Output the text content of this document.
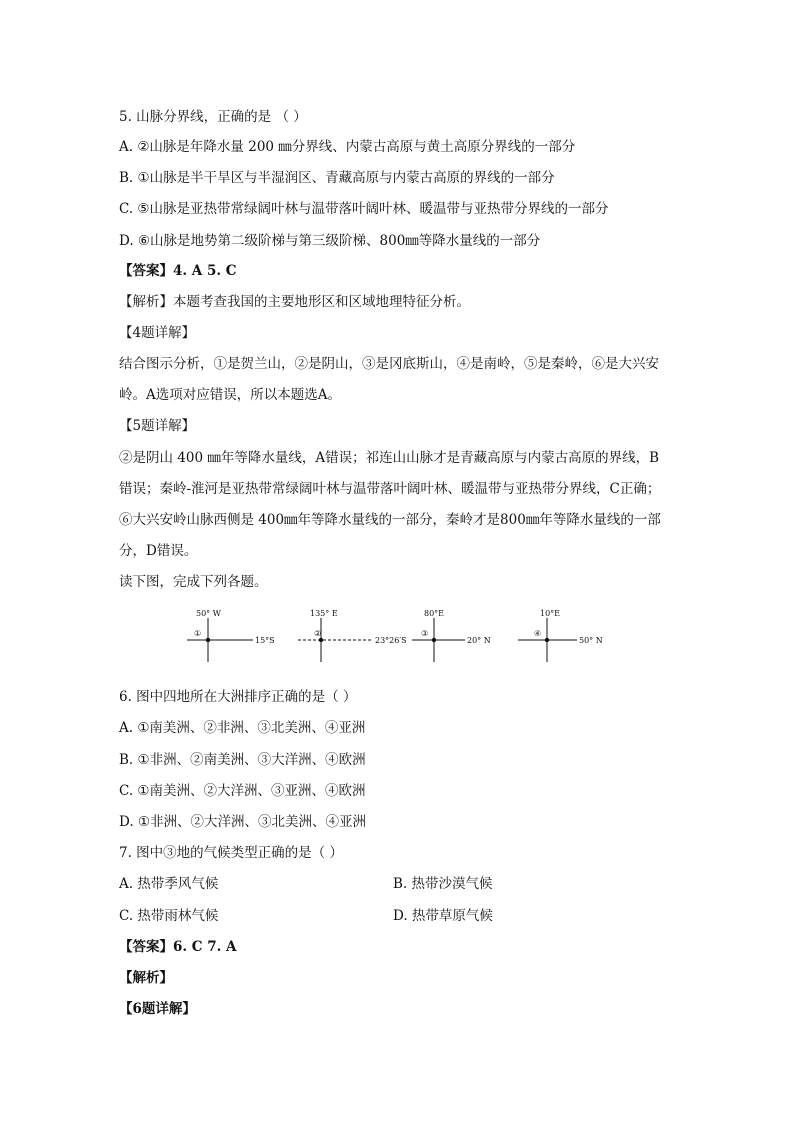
5. 山脉分界线，正确的是 （ ）
A. ②山脉是年降水量 200 ㎜分界线、内蒙古高原与黄土高原分界线的一部分
B. ①山脉是半干旱区与半湿润区、青藏高原与内蒙古高原的界线的一部分
C. ⑤山脉是亚热带常绿阔叶林与温带落叶阔叶林、暖温带与亚热带分界线的一部分
D. ⑥山脉是地势第二级阶梯与第三级阶梯、800㎜等降水量线的一部分
【答案】4. A 5. C
【解析】本题考查我国的主要地形区和区域地理特征分析。
【4题详解】
结合图示分析，①是贺兰山，②是阴山，③是冈底斯山，④是南岭，⑤是秦岭，⑥是大兴安
岭。A选项对应错误，所以本题选A。
【5题详解】
②是阴山 400 ㎜年等降水量线，A错误；祁连山山脉才是青藏高原与内蒙古高原的界线，B
错误；秦岭-淮河是亚热带常绿阔叶林与温带落叶阔叶林、暖温带与亚热带分界线，C正确；
⑥大兴安岭山脉西侧是 400㎜年等降水量线的一部分，秦岭才是800㎜年等降水量线的一部
分，D错误。
读下图，完成下列各题。
50° W
①
15°S
135° E
②
23°26′S
80°E
③
20° N
10°E
④
50° N
6. 图中四地所在大洲排序正确的是（ ）
A. ①南美洲、②非洲、③北美洲、④亚洲
B. ①非洲、②南美洲、③大洋洲、④欧洲
C. ①南美洲、②大洋洲、③亚洲、④欧洲
D. ①非洲、②大洋洲、③北美洲、④亚洲
7. 图中③地的气候类型正确的是（ ）
A. 热带季风气候	B. 热带沙漠气候
C. 热带雨林气候	D. 热带草原气候
【答案】6. C 7. A
【解析】
【6题详解】
